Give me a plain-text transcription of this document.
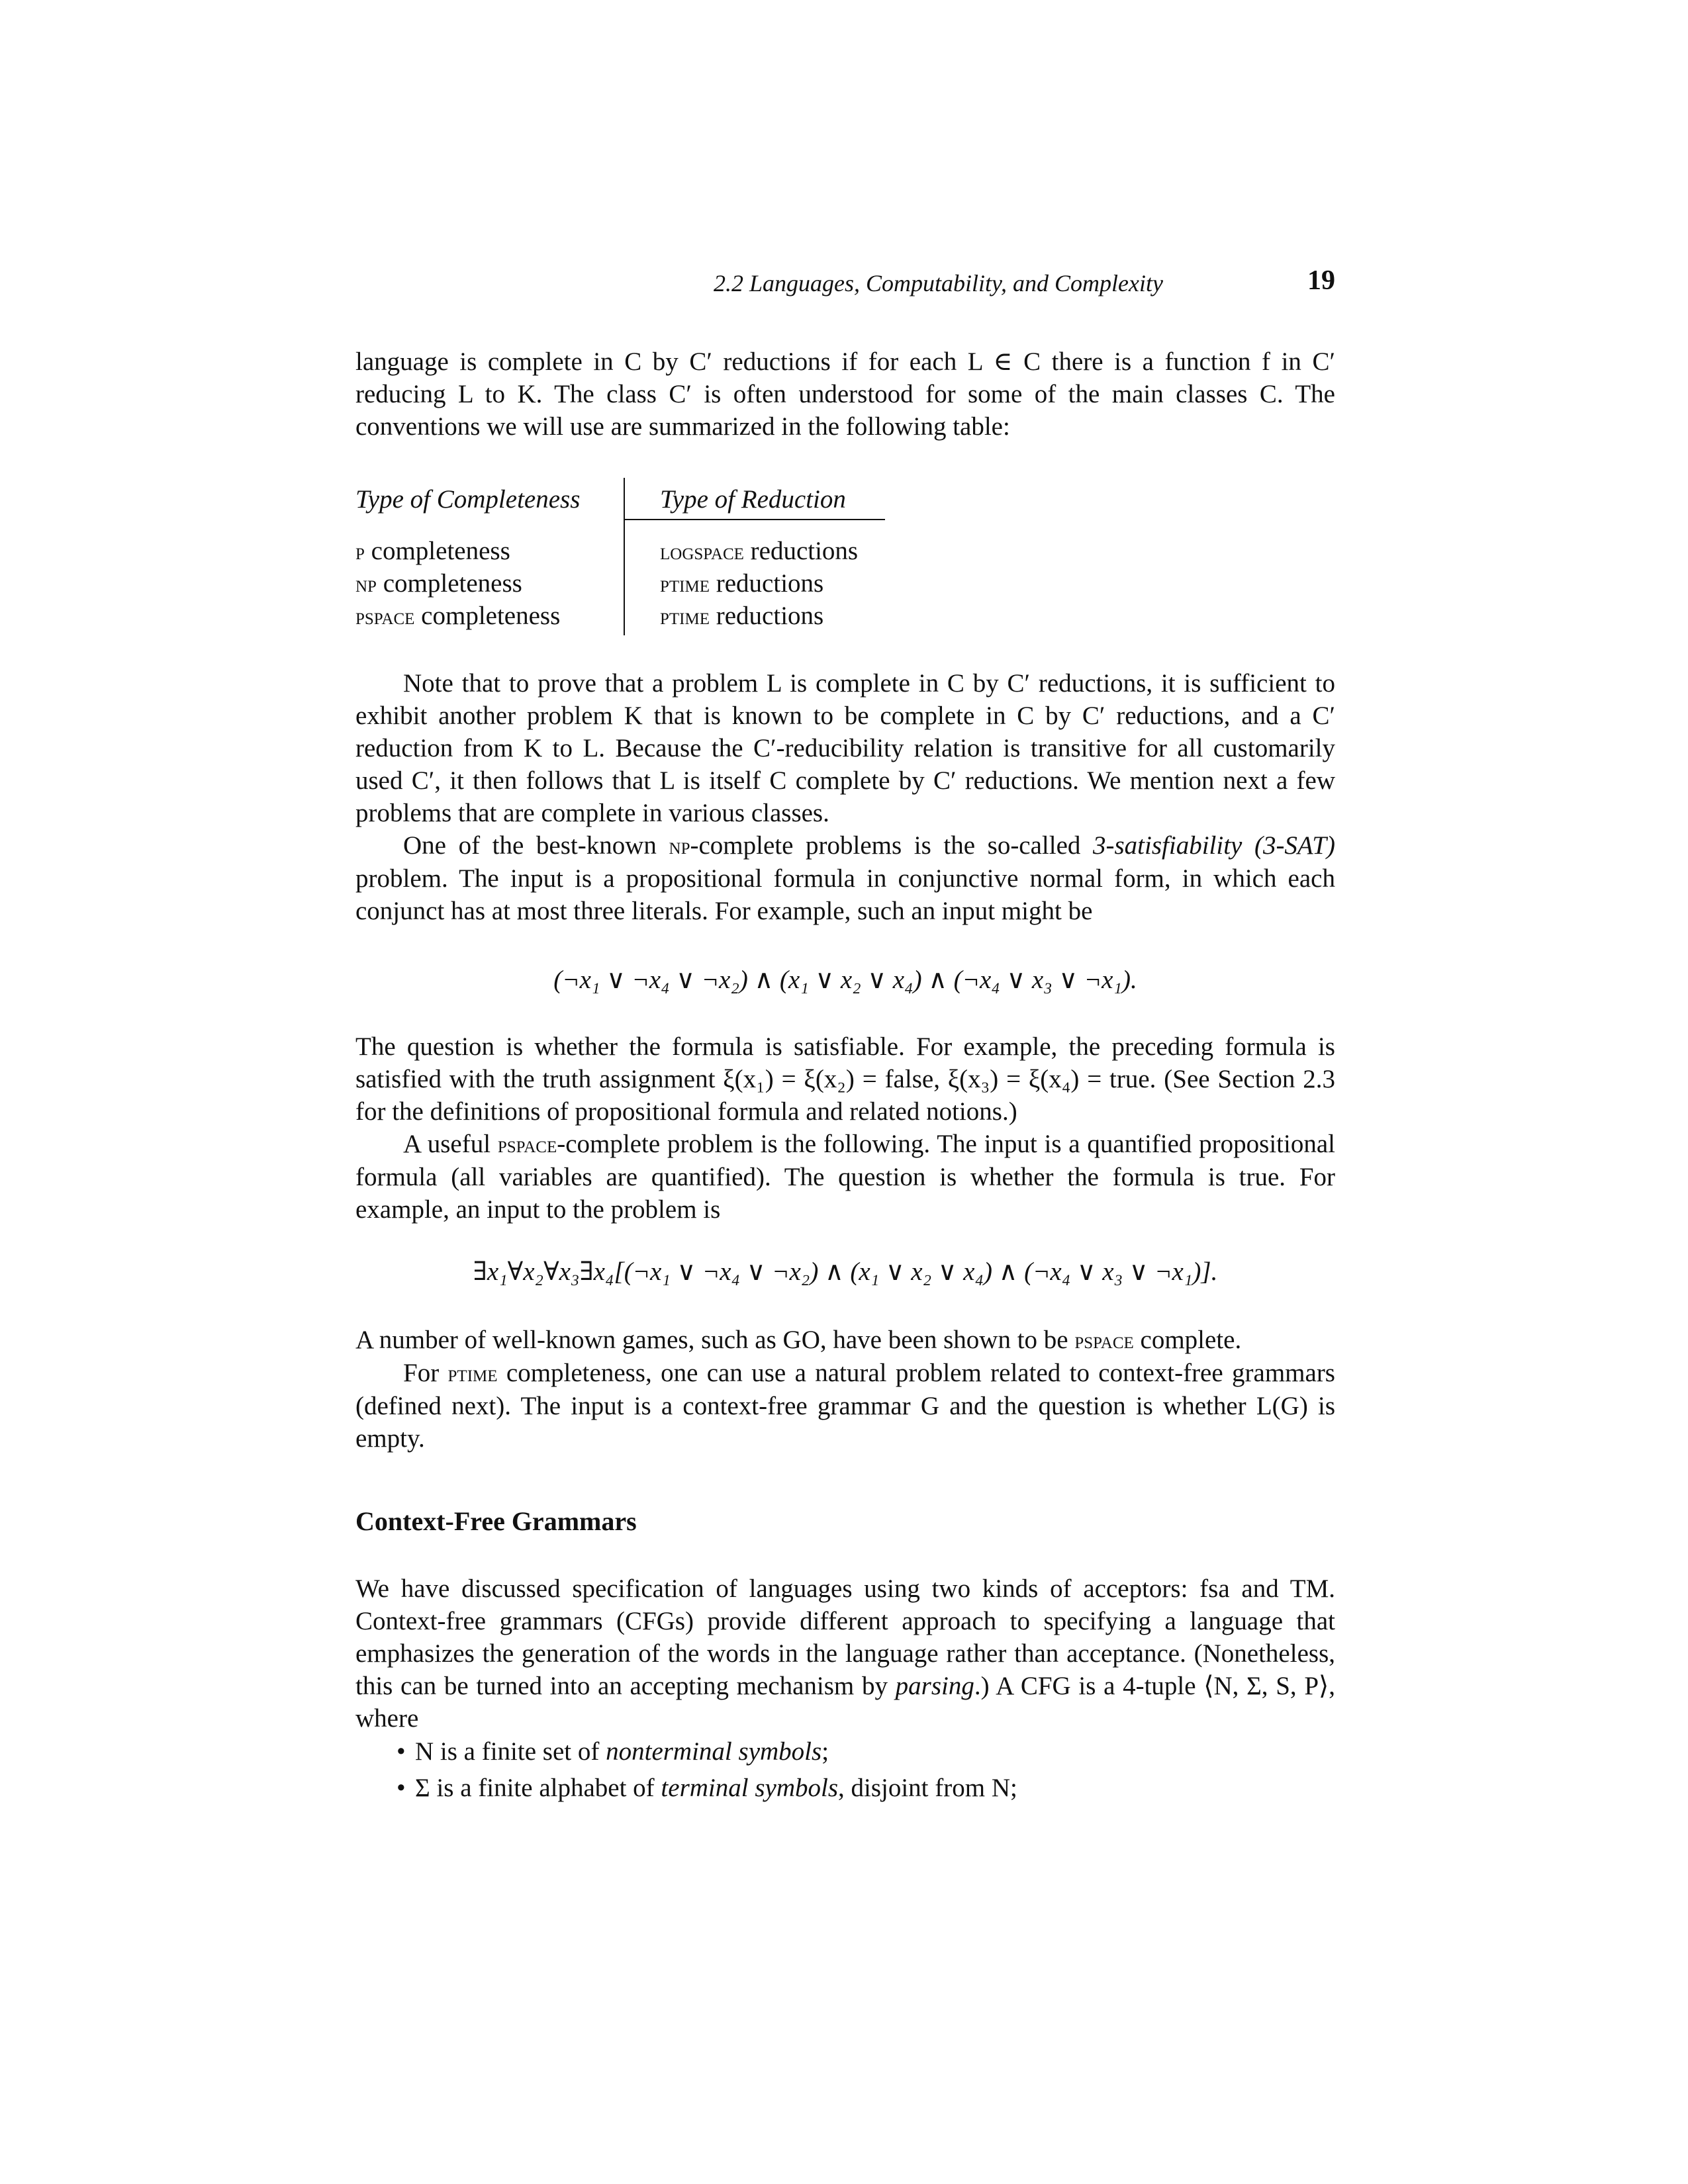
2.2 Languages, Computability, and Complexity	19

language is complete in C by C′ reductions if for each L ∈ C there is a function f in C′ reducing L to K. The class C′ is often understood for some of the main classes C. The conventions we will use are summarized in the following table:

Type of Completeness	Type of Reduction
p completeness	logspace reductions
np completeness	ptime reductions
pspace completeness	ptime reductions

Note that to prove that a problem L is complete in C by C′ reductions, it is sufficient to exhibit another problem K that is known to be complete in C by C′ reductions, and a C′ reduction from K to L. Because the C′-reducibility relation is transitive for all customarily used C′, it then follows that L is itself C complete by C′ reductions. We mention next a few problems that are complete in various classes.

One of the best-known np-complete problems is the so-called 3-satisfiability (3-SAT) problem. The input is a propositional formula in conjunctive normal form, in which each conjunct has at most three literals. For example, such an input might be

(¬x₁ ∨ ¬x₄ ∨ ¬x₂) ∧ (x₁ ∨ x₂ ∨ x₄) ∧ (¬x₄ ∨ x₃ ∨ ¬x₁).

The question is whether the formula is satisfiable. For example, the preceding formula is satisfied with the truth assignment ξ(x₁) = ξ(x₂) = false, ξ(x₃) = ξ(x₄) = true. (See Section 2.3 for the definitions of propositional formula and related notions.)

A useful pspace-complete problem is the following. The input is a quantified propositional formula (all variables are quantified). The question is whether the formula is true. For example, an input to the problem is

∃x₁∀x₂∀x₃∃x₄[(¬x₁ ∨ ¬x₄ ∨ ¬x₂) ∧ (x₁ ∨ x₂ ∨ x₄) ∧ (¬x₄ ∨ x₃ ∨ ¬x₁)].

A number of well-known games, such as GO, have been shown to be pspace complete.

For ptime completeness, one can use a natural problem related to context-free grammars (defined next). The input is a context-free grammar G and the question is whether L(G) is empty.

Context-Free Grammars

We have discussed specification of languages using two kinds of acceptors: fsa and TM. Context-free grammars (CFGs) provide different approach to specifying a language that emphasizes the generation of the words in the language rather than acceptance. (Nonetheless, this can be turned into an accepting mechanism by parsing.) A CFG is a 4-tuple ⟨N, Σ, S, P⟩, where

• N is a finite set of nonterminal symbols;
• Σ is a finite alphabet of terminal symbols, disjoint from N;
